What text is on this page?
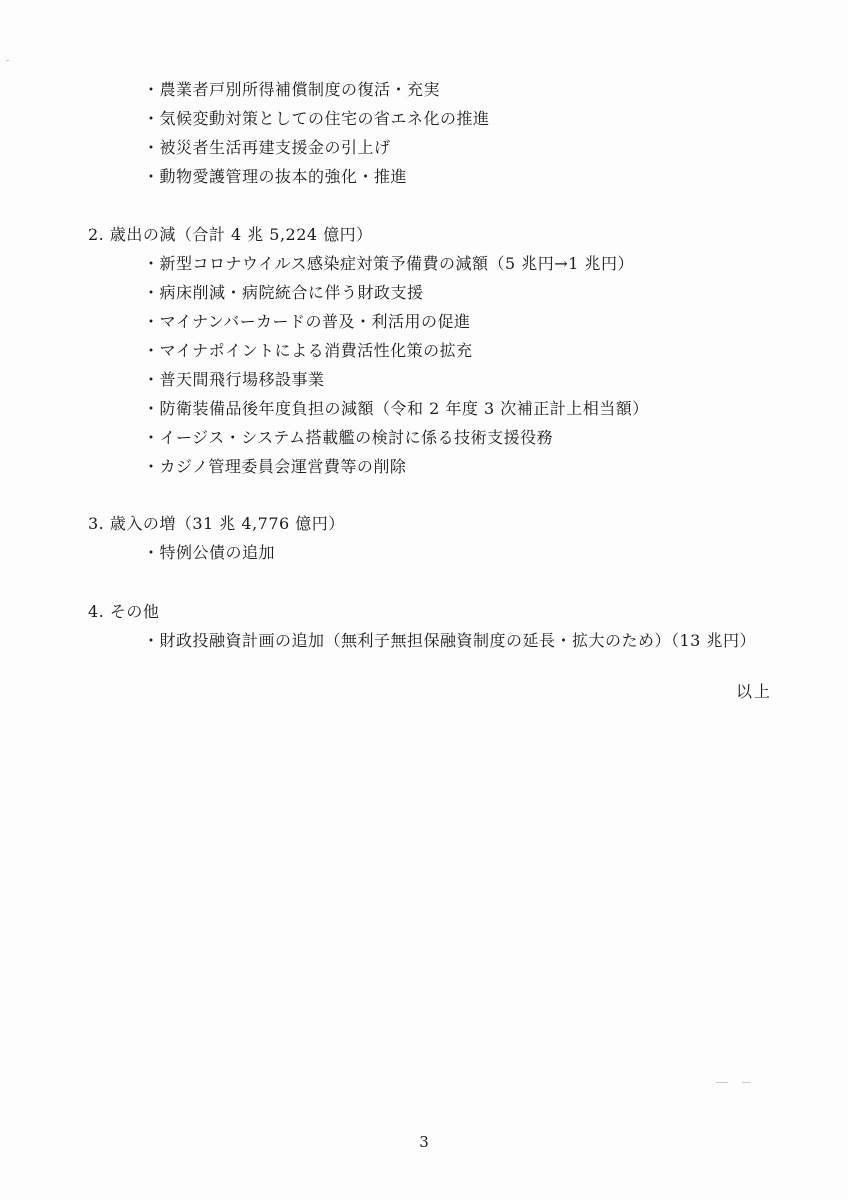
・農業者戸別所得補償制度の復活・充実
・気候変動対策としての住宅の省エネ化の推進
・被災者生活再建支援金の引上げ
・動物愛護管理の抜本的強化・推進
2. 歳出の減（合計 4 兆 5,224 億円）
・新型コロナウイルス感染症対策予備費の減額（5 兆円→1 兆円）
・病床削減・病院統合に伴う財政支援
・マイナンバーカードの普及・利活用の促進
・マイナポイントによる消費活性化策の拡充
・普天間飛行場移設事業
・防衛装備品後年度負担の減額（令和 2 年度 3 次補正計上相当額）
・イージス・システム搭載艦の検討に係る技術支援役務
・カジノ管理委員会運営費等の削除
3. 歳入の増（31 兆 4,776 億円）
・特例公債の追加
4. その他
・財政投融資計画の追加（無利子無担保融資制度の延長・拡大のため）（13 兆円）
以上
3
